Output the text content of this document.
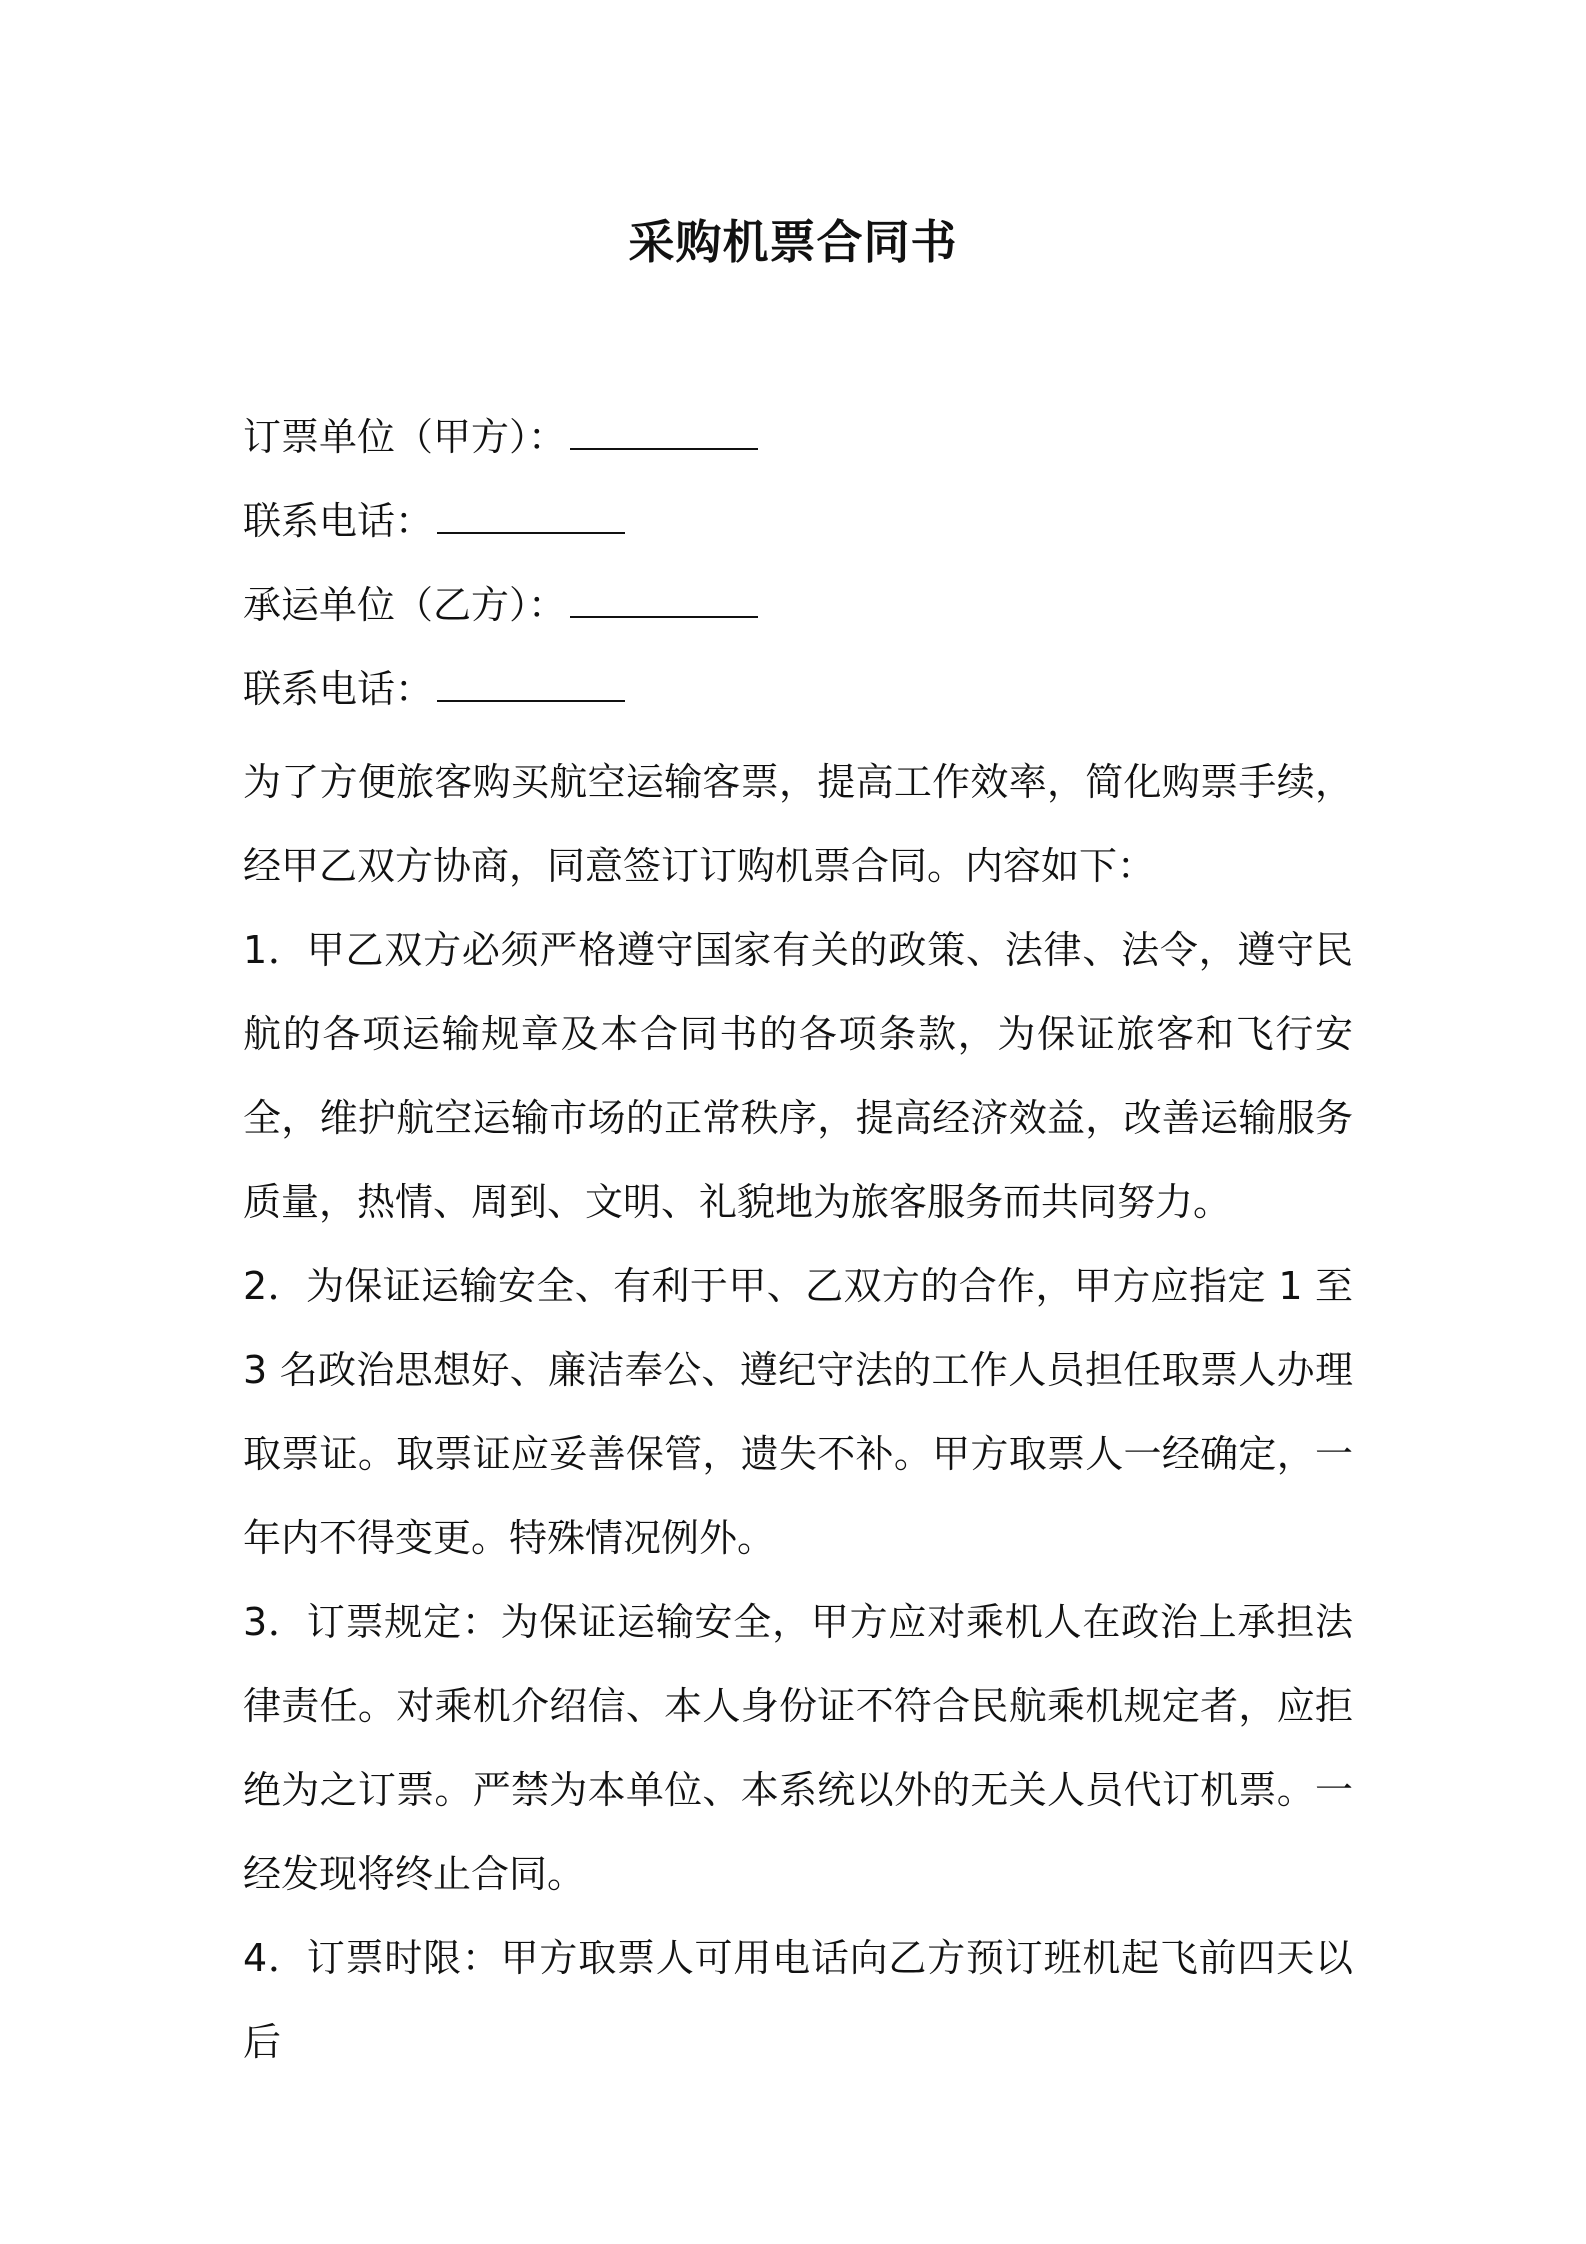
采购机票合同书
订票单位（甲方）：
联系电话：
承运单位（乙方）：
联系电话：

为了方便旅客购买航空运输客票，提高工作效率，简化购票手续，经甲乙双方协商，同意签订订购机票合同。内容如下：

1．甲乙双方必须严格遵守国家有关的政策、法律、法令，遵守民航的各项运输规章及本合同书的各项条款，为保证旅客和飞行安全，维护航空运输市场的正常秩序，提高经济效益，改善运输服务质量，热情、周到、文明、礼貌地为旅客服务而共同努力。

2．为保证运输安全、有利于甲、乙双方的合作，甲方应指定 1 至 3 名政治思想好、廉洁奉公、遵纪守法的工作人员担任取票人办理取票证。取票证应妥善保管，遗失不补。甲方取票人一经确定，一年内不得变更。特殊情况例外。

3．订票规定：为保证运输安全，甲方应对乘机人在政治上承担法律责任。对乘机介绍信、本人身份证不符合民航乘机规定者，应拒绝为之订票。严禁为本单位、本系统以外的无关人员代订机票。一经发现将终止合同。

4．订票时限：甲方取票人可用电话向乙方预订班机起飞前四天以后
